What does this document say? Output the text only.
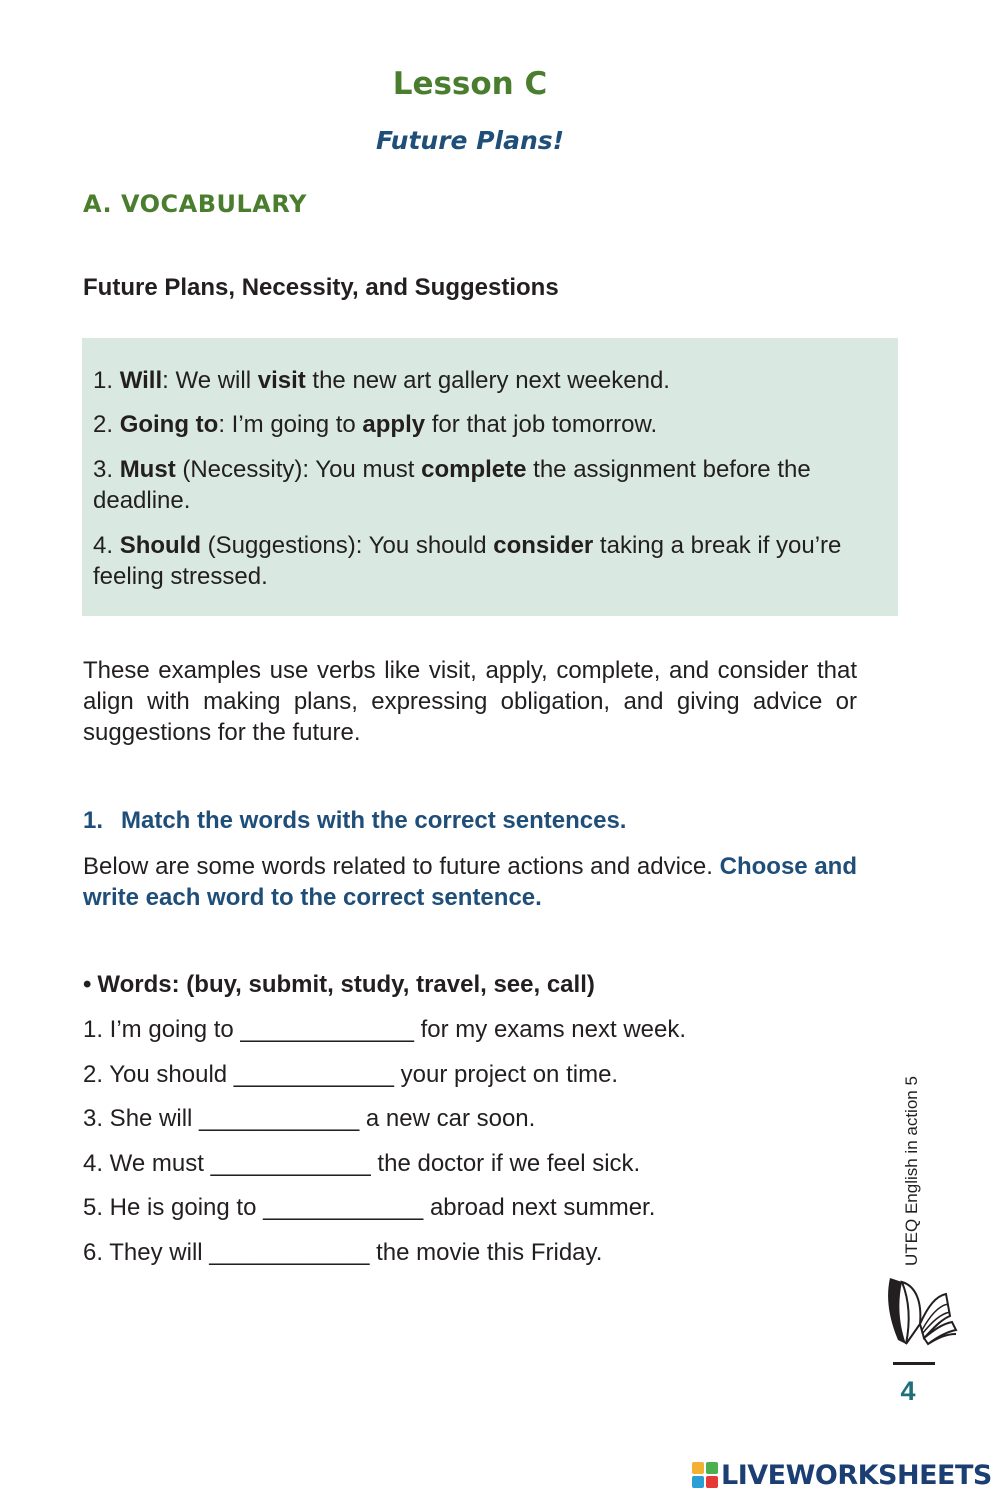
Lesson C
Future Plans!
A. VOCABULARY
Future Plans, Necessity, and Suggestions
1. Will: We will visit the new art gallery next weekend.
2. Going to: I’m going to apply for that job tomorrow.
3. Must (Necessity): You must complete the assignment before the deadline.
4. Should (Suggestions): You should consider taking a break if you’re feeling stressed.
These examples use verbs like visit, apply, complete, and consider that align with making plans, expressing obligation, and giving advice or suggestions for the future.
1. Match the words with the correct sentences.
Below are some words related to future actions and advice. Choose and write each word to the correct sentence.
• Words: (buy, submit, study, travel, see, call)
1. I’m going to _____________ for my exams next week.
2. You should ____________ your project on time.
3. She will ____________ a new car soon.
4. We must ____________ the doctor if we feel sick.
5. He is going to ____________ abroad next summer.
6. They will ____________ the movie this Friday.	UTEQ English in action 5
4
LIVEWORKSHEETS
